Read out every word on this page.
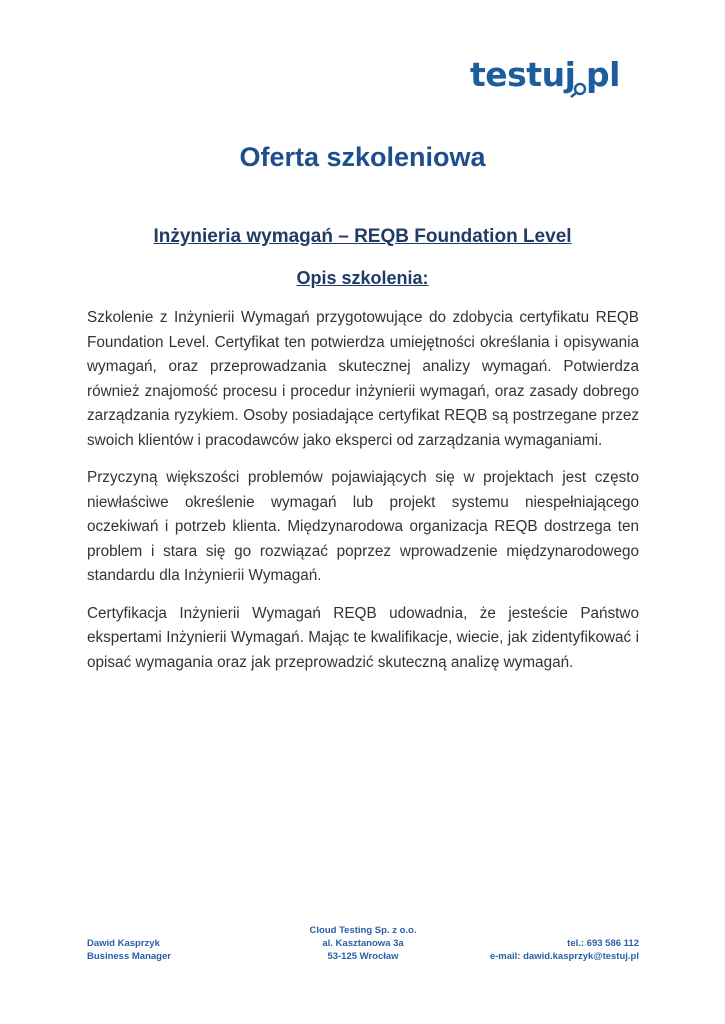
testuj pl
Oferta szkoleniowa
Inżynieria wymagań – REQB Foundation Level
Opis szkolenia:

Szkolenie z Inżynierii Wymagań przygotowujące do zdobycia certyfikatu REQB Foundation Level. Certyfikat ten potwierdza umiejętności określania i opisywania wymagań, oraz przeprowadzania skutecznej analizy wymagań. Potwierdza również znajomość procesu i procedur inżynierii wymagań, oraz zasady dobrego zarządzania ryzykiem. Osoby posiadające certyfikat REQB są postrzegane przez swoich klientów i pracodawców jako eksperci od zarządzania wymaganiami.

Przyczyną większości problemów pojawiających się w projektach jest często niewłaściwe określenie wymagań lub projekt systemu niespełniającego oczekiwań i potrzeb klienta. Międzynarodowa organizacja REQB dostrzega ten problem i stara się go rozwiązać poprzez wprowadzenie międzynarodowego standardu dla Inżynierii Wymagań.

Certyfikacja Inżynierii Wymagań REQB udowadnia, że jesteście Państwo ekspertami Inżynierii Wymagań. Mając te kwalifikacje, wiecie, jak zidentyfikować i opisać wymagania oraz jak przeprowadzić skuteczną analizę wymagań.

Dawid Kasprzyk
Business Manager
Cloud Testing Sp. z o.o.
al. Kasztanowa 3a
53-125 Wrocław
tel.: 693 586 112
e-mail: dawid.kasprzyk@testuj.pl
